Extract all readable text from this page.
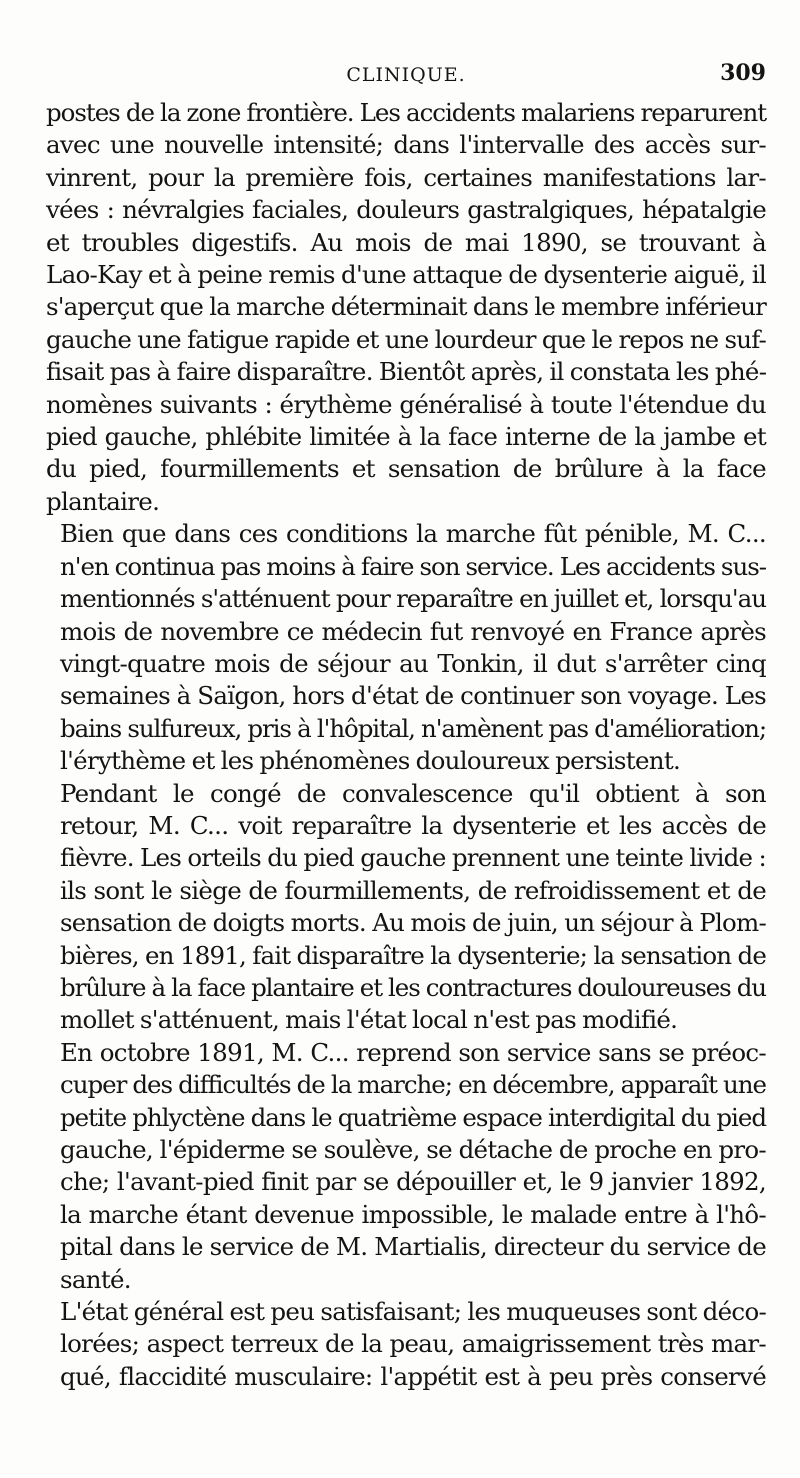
CLINIQUE.	309
postes de la zone frontière. Les accidents malariens reparurent
avec une nouvelle intensité; dans l'intervalle des accès sur-
vinrent, pour la première fois, certaines manifestations lar-
vées : névralgies faciales, douleurs gastralgiques, hépatalgie
et troubles digestifs. Au mois de mai 1890, se trouvant à
Lao-Kay et à peine remis d'une attaque de dysenterie aiguë, il
s'aperçut que la marche déterminait dans le membre inférieur
gauche une fatigue rapide et une lourdeur que le repos ne suf-
fisait pas à faire disparaître. Bientôt après, il constata les phé-
nomènes suivants : érythème généralisé à toute l'étendue du
pied gauche, phlébite limitée à la face interne de la jambe et
du pied, fourmillements et sensation de brûlure à la face
plantaire.
Bien que dans ces conditions la marche fût pénible, M. C...
n'en continua pas moins à faire son service. Les accidents sus-
mentionnés s'atténuent pour reparaître en juillet et, lorsqu'au
mois de novembre ce médecin fut renvoyé en France après
vingt-quatre mois de séjour au Tonkin, il dut s'arrêter cinq
semaines à Saïgon, hors d'état de continuer son voyage. Les
bains sulfureux, pris à l'hôpital, n'amènent pas d'amélioration;
l'érythème et les phénomènes douloureux persistent.
Pendant le congé de convalescence qu'il obtient à son
retour, M. C... voit reparaître la dysenterie et les accès de
fièvre. Les orteils du pied gauche prennent une teinte livide :
ils sont le siège de fourmillements, de refroidissement et de
sensation de doigts morts. Au mois de juin, un séjour à Plom-
bières, en 1891, fait disparaître la dysenterie; la sensation de
brûlure à la face plantaire et les contractures douloureuses du
mollet s'atténuent, mais l'état local n'est pas modifié.
En octobre 1891, M. C... reprend son service sans se préoc-
cuper des difficultés de la marche; en décembre, apparaît une
petite phlyctène dans le quatrième espace interdigital du pied
gauche, l'épiderme se soulève, se détache de proche en pro-
che; l'avant-pied finit par se dépouiller et, le 9 janvier 1892,
la marche étant devenue impossible, le malade entre à l'hô-
pital dans le service de M. Martialis, directeur du service de
santé.
L'état général est peu satisfaisant; les muqueuses sont déco-
lorées; aspect terreux de la peau, amaigrissement très mar-
qué, flaccidité musculaire: l'appétit est à peu près conservé
